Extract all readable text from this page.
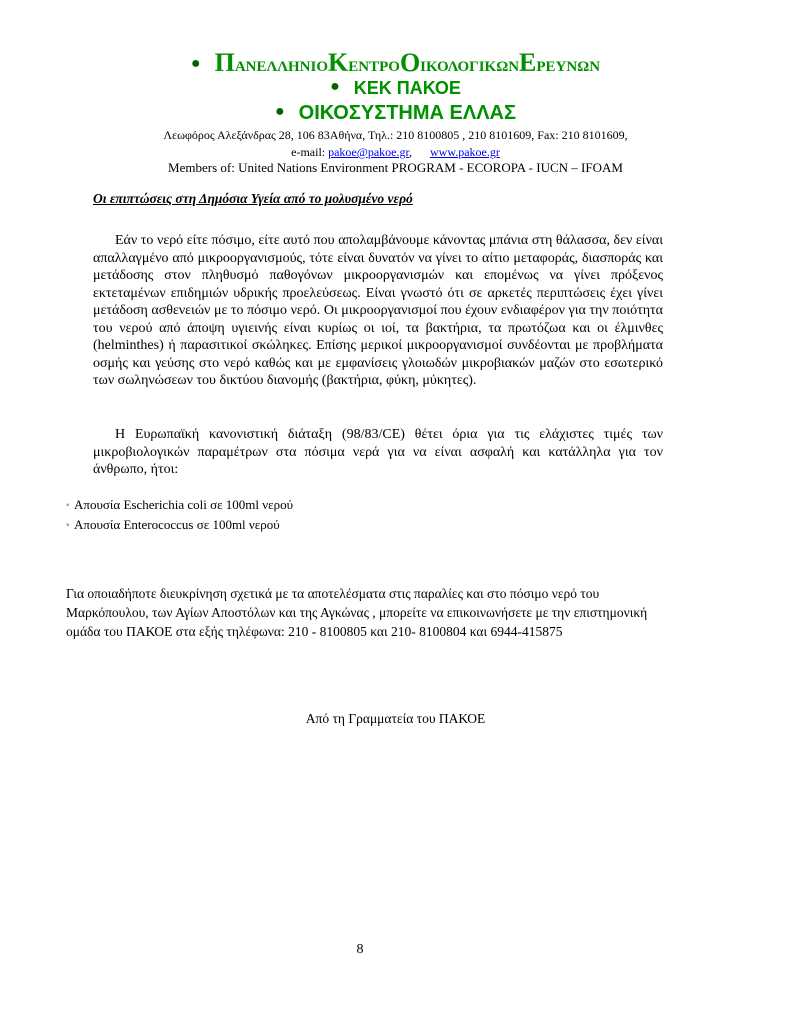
● ΠΑΝΕΛΛΗΝΙΟΚΕΝΤΡΟΟΙΚΟΛΟΓΙΚΩΝΕΡΕΥΝΩΝ
● ΚΕΚ ΠΑΚΟΕ
● ΟΙΚΟΣΥΣΤΗΜΑ ΕΛΛΑΣ
Λεωφόρος Αλεξάνδρας 28, 106 83Αθήνα, Τηλ.: 210 8100805 , 210 8101609, Fax: 210 8101609,
e-mail: pakoe@pakoe.gr,      www.pakoe.gr
Members of: United Nations Environment PROGRAM - ECOROPA - IUCN – IFOAM
Οι επιπτώσεις στη Δημόσια Υγεία από το μολυσμένο νερό

Εάν το νερό είτε πόσιμο, είτε αυτό που απολαμβάνουμε κάνοντας μπάνια στη θάλασσα, δεν είναι απαλλαγμένο από μικροοργανισμούς, τότε είναι δυνατόν να γίνει το αίτιο μεταφοράς, διασποράς και μετάδοσης στον πληθυσμό παθογόνων μικροοργανισμών και επομένως να γίνει πρόξενος εκτεταμένων επιδημιών υδρικής προελεύσεως. Είναι γνωστό ότι σε αρκετές περιπτώσεις έχει γίνει μετάδοση ασθενειών με το πόσιμο νερό. Οι μικροοργανισμοί που έχουν ενδιαφέρον για την ποιότητα του νερού από άποψη υγιεινής είναι κυρίως οι ιοί, τα βακτήρια, τα πρωτόζωα και οι έλμινθες (helminthes) ή παρασιτικοί σκώληκες. Επίσης μερικοί μικροοργανισμοί συνδέονται με προβλήματα οσμής και γεύσης στο νερό καθώς και με εμφανίσεις γλοιωδών μικροβιακών μαζών στο εσωτερικό των σωληνώσεων του δικτύου διανομής (βακτήρια, φύκη, μύκητες).

Η Ευρωπαϊκή κανονιστική διάταξη (98/83/CE) θέτει όρια για τις ελάχιστες τιμές των μικροβιολογικών παραμέτρων στα πόσιμα νερά για να είναι ασφαλή και κατάλληλα για τον άνθρωπο, ήτοι:

▪ Απουσία Escherichia coli σε 100ml νερού
▪ Απουσία Enterococcus σε 100ml νερού

Για οποιαδήποτε διευκρίνηση σχετικά με τα αποτελέσματα στις παραλίες και στο πόσιμο νερό του Μαρκόπουλου, των Αγίων Αποστόλων και της Αγκώνας , μπορείτε να επικοινωνήσετε με την επιστημονική ομάδα του ΠΑΚΟΕ στα εξής τηλέφωνα: 210 - 8100805 και 210- 8100804 και 6944-415875

Από τη Γραμματεία του ΠΑΚΟΕ
8
